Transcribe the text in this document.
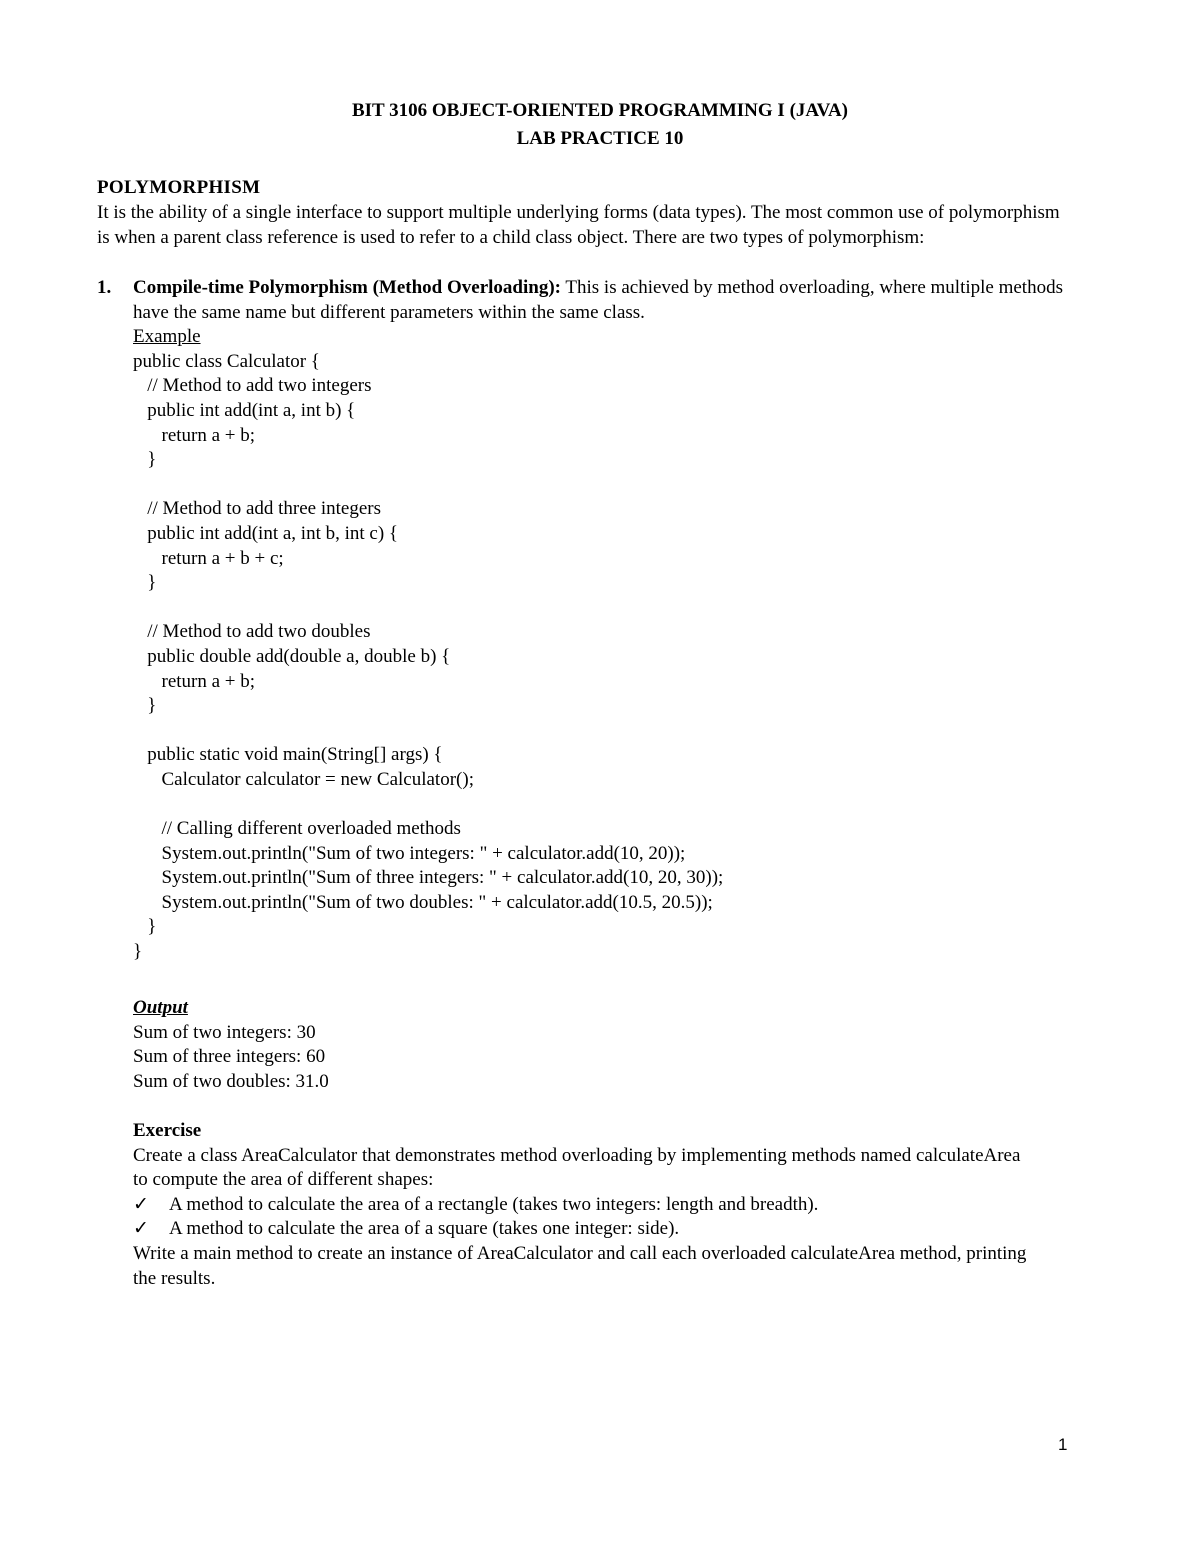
BIT 3106 OBJECT-ORIENTED PROGRAMMING I (JAVA)
LAB PRACTICE 10
POLYMORPHISM
It is the ability of a single interface to support multiple underlying forms (data types). The most common use of polymorphism is when a parent class reference is used to refer to a child class object. There are two types of polymorphism:
1. Compile-time Polymorphism (Method Overloading): This is achieved by method overloading, where multiple methods have the same name but different parameters within the same class.
Example
public class Calculator {
// Method to add two integers
public int add(int a, int b) {
return a + b;
}
// Method to add three integers
public int add(int a, int b, int c) {
return a + b + c;
}
// Method to add two doubles
public double add(double a, double b) {
return a + b;
}
public static void main(String[] args) {
Calculator calculator = new Calculator();
// Calling different overloaded methods
System.out.println("Sum of two integers: " + calculator.add(10, 20));
System.out.println("Sum of three integers: " + calculator.add(10, 20, 30));
System.out.println("Sum of two doubles: " + calculator.add(10.5, 20.5));
}
}
Output
Sum of two integers: 30
Sum of three integers: 60
Sum of two doubles: 31.0
Exercise
Create a class AreaCalculator that demonstrates method overloading by implementing methods named calculateArea to compute the area of different shapes:
✓ A method to calculate the area of a rectangle (takes two integers: length and breadth).
✓ A method to calculate the area of a square (takes one integer: side).
Write a main method to create an instance of AreaCalculator and call each overloaded calculateArea method, printing the results.
1
